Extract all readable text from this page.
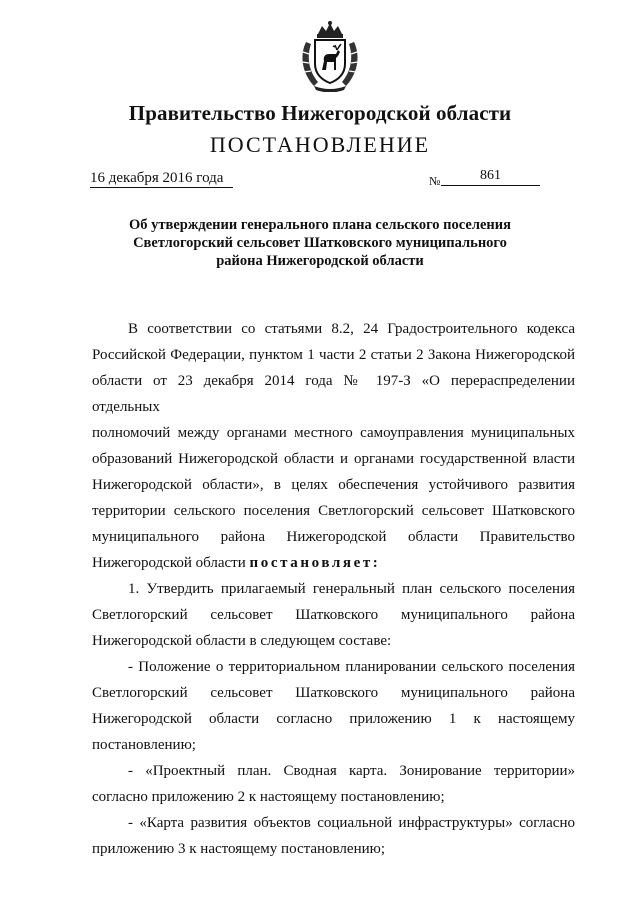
Правительство Нижегородской области
ПОСТАНОВЛЕНИЕ
16 декабря 2016 года	№	861
Об утверждении генерального плана сельского поселения
Светлогорский сельсовет Шатковского муниципального
района Нижегородской области

В соответствии со статьями 8.2, 24 Градостроительного кодекса
Российской Федерации, пунктом 1 части 2 статьи 2 Закона Нижегородской
области от 23 декабря 2014 года № 197-З «О перераспределении отдельных
полномочий между органами местного самоуправления муниципальных
образований Нижегородской области и органами государственной власти
Нижегородской области», в целях обеспечения устойчивого развития
территории сельского поселения Светлогорский сельсовет Шатковского
муниципального района Нижегородской области Правительство
Нижегородской области постановляет:

1. Утвердить прилагаемый генеральный план сельского поселения
Светлогорский сельсовет Шатковского муниципального района
Нижегородской области в следующем составе:

- Положение о территориальном планировании сельского поселения
Светлогорский сельсовет Шатковского муниципального района
Нижегородской области согласно приложению 1 к настоящему
постановлению;

- «Проектный план. Сводная карта. Зонирование территории»
согласно приложению 2 к настоящему постановлению;

- «Карта развития объектов социальной инфраструктуры» согласно
приложению 3 к настоящему постановлению;
